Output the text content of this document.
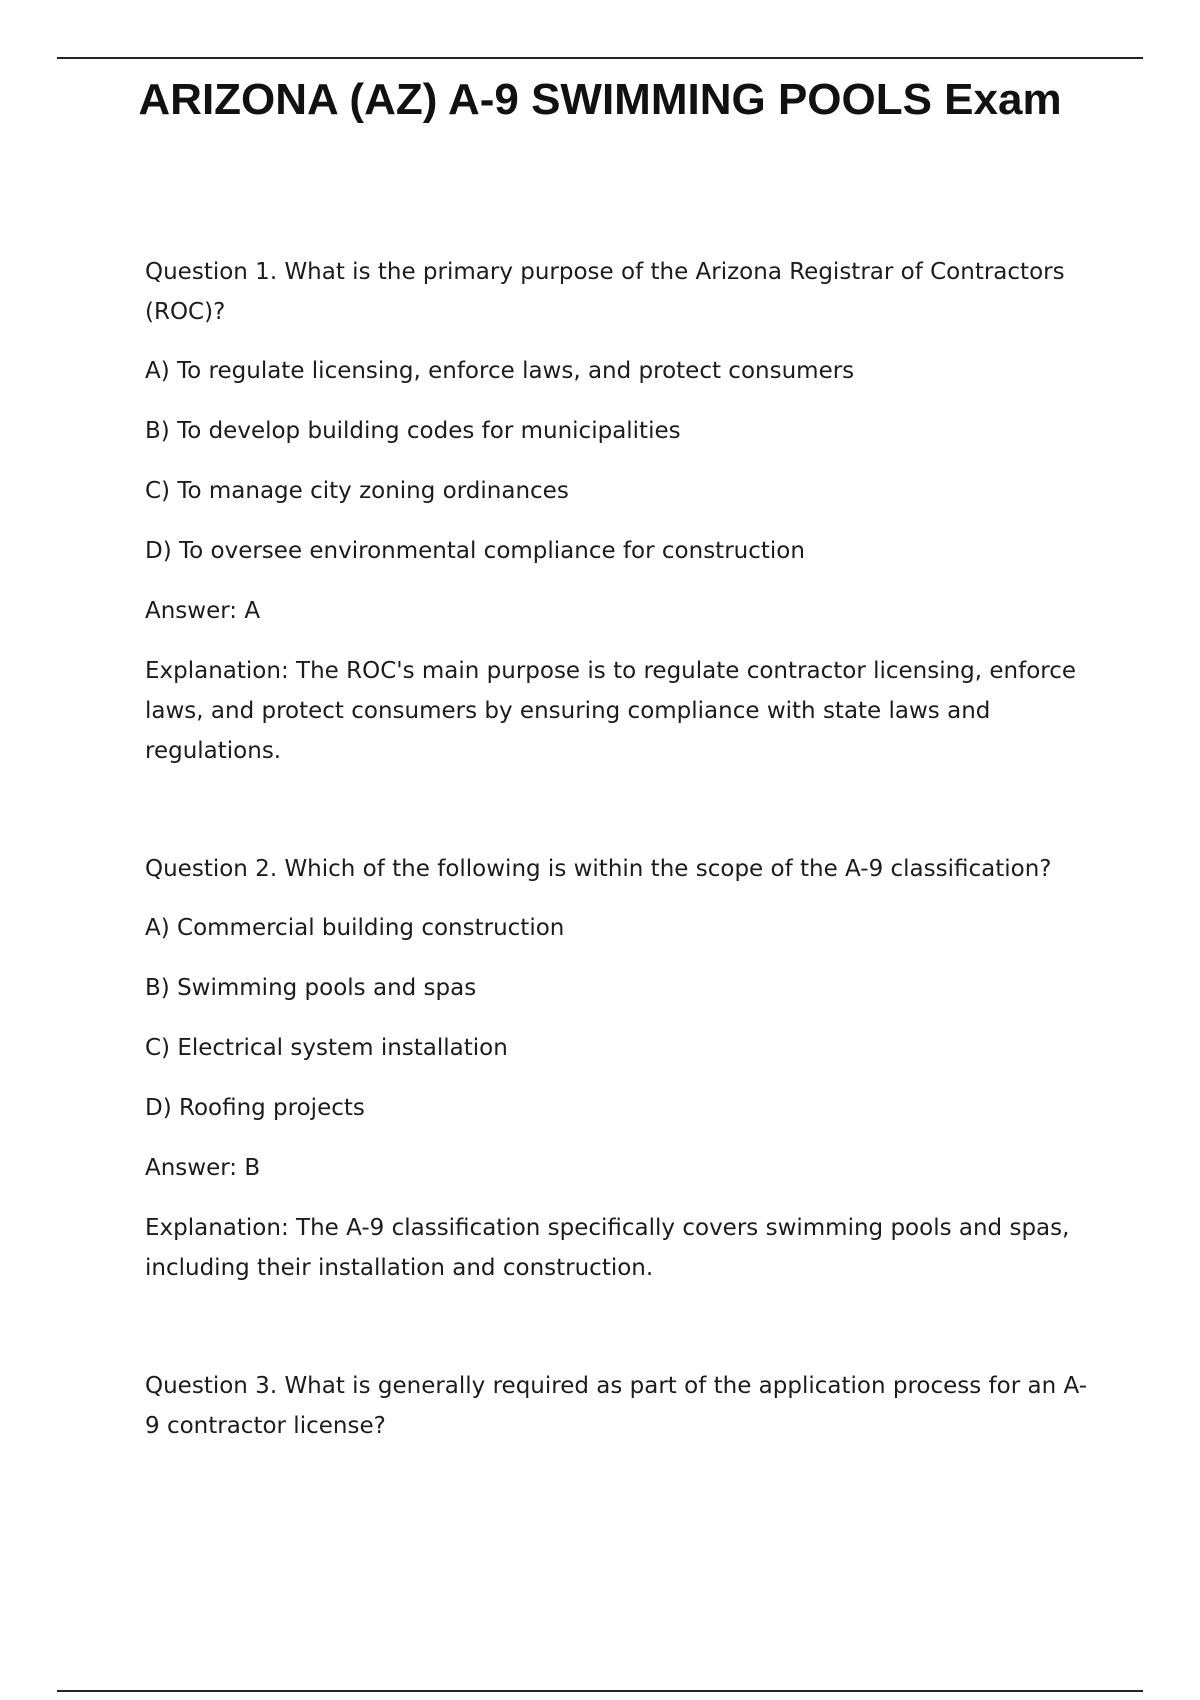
ARIZONA (AZ) A-9 SWIMMING POOLS Exam

Question 1. What is the primary purpose of the Arizona Registrar of Contractors (ROC)?

A) To regulate licensing, enforce laws, and protect consumers

B) To develop building codes for municipalities

C) To manage city zoning ordinances

D) To oversee environmental compliance for construction

Answer: A

Explanation: The ROC's main purpose is to regulate contractor licensing, enforce laws, and protect consumers by ensuring compliance with state laws and regulations.

Question 2. Which of the following is within the scope of the A-9 classification?

A) Commercial building construction

B) Swimming pools and spas

C) Electrical system installation

D) Roofing projects

Answer: B

Explanation: The A-9 classification specifically covers swimming pools and spas, including their installation and construction.

Question 3. What is generally required as part of the application process for an A-9 contractor license?
